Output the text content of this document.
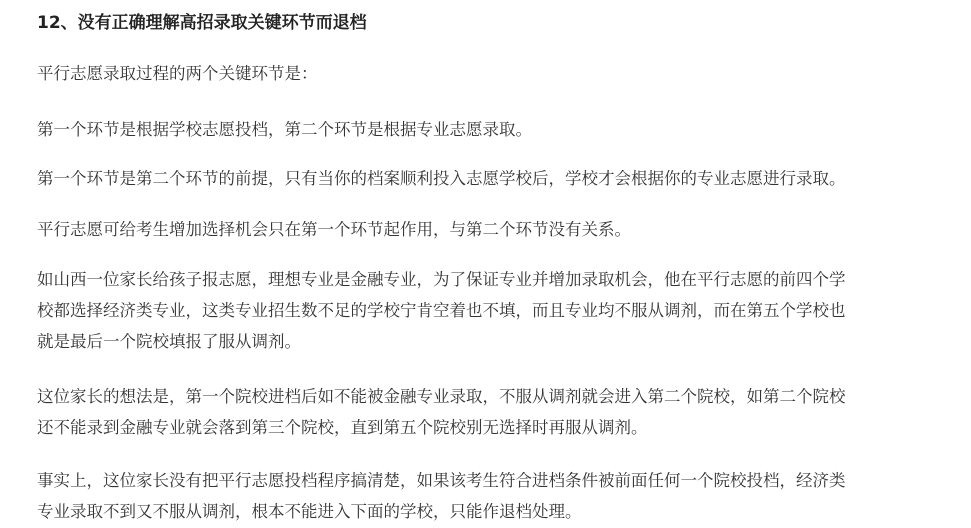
12、没有正确理解高招录取关键环节而退档

平行志愿录取过程的两个关键环节是：

第一个环节是根据学校志愿投档，第二个环节是根据专业志愿录取。

第一个环节是第二个环节的前提，只有当你的档案顺利投入志愿学校后，学校才会根据你的专业志愿进行录取。

平行志愿可给考生增加选择机会只在第一个环节起作用，与第二个环节没有关系。

如山西一位家长给孩子报志愿，理想专业是金融专业，为了保证专业并增加录取机会，他在平行志愿的前四个学
校都选择经济类专业，这类专业招生数不足的学校宁肯空着也不填，而且专业均不服从调剂，而在第五个学校也
就是最后一个院校填报了服从调剂。

这位家长的想法是，第一个院校进档后如不能被金融专业录取，不服从调剂就会进入第二个院校，如第二个院校
还不能录到金融专业就会落到第三个院校，直到第五个院校别无选择时再服从调剂。

事实上，这位家长没有把平行志愿投档程序搞清楚，如果该考生符合进档条件被前面任何一个院校投档，经济类
专业录取不到又不服从调剂，根本不能进入下面的学校，只能作退档处理。
